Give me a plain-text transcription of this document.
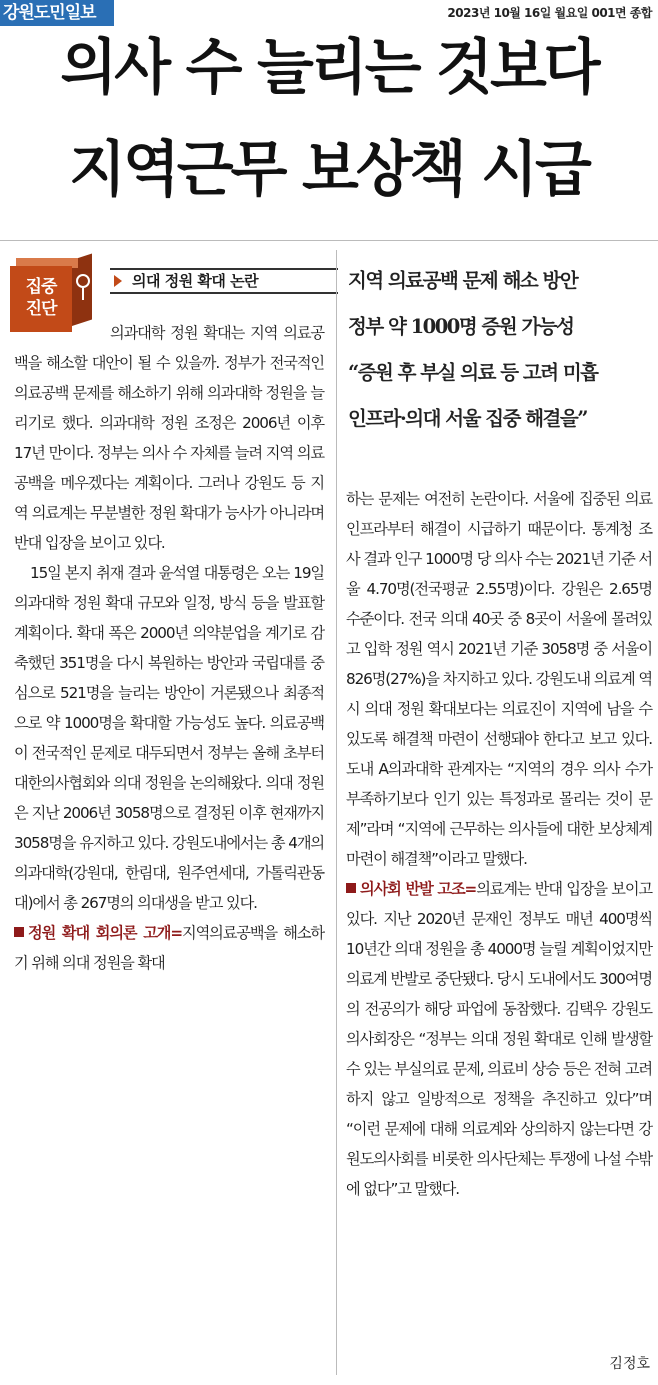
강원도민일보	2023년 10월 16일 월요일 001면 종합
의사 수 늘리는 것보다
지역근무 보상책 시급
집중
진단
의대 정원 확대 논란	지역 의료공백 문제 해소 방안
정부 약 1000명 증원 가능성
“증원 후 부실 의료 등 고려 미흡
인프라·의대 서울 집중 해결을”

의과대학 정원 확대는 지역 의료공백을 해소할 대안이 될 수 있을까. 정부가 전국적인 의료공백 문제를 해소하기 위해 의과대학 정원을 늘리기로 했다. 의과대학 정원 조정은 2006년 이후 17년 만이다. 정부는 의사 수 자체를 늘려 지역 의료 공백을 메우겠다는 계획이다. 그러나 강원도 등 지역 의료계는 무분별한 정원 확대가 능사가 아니라며 반대 입장을 보이고 있다.

15일 본지 취재 결과 윤석열 대통령은 오는 19일 의과대학 정원 확대 규모와 일정, 방식 등을 발표할 계획이다. 확대 폭은 2000년 의약분업을 계기로 감축했던 351명을 다시 복원하는 방안과 국립대를 중심으로 521명을 늘리는 방안이 거론됐으나 최종적으로 약 1000명을 확대할 가능성도 높다. 의료공백이 전국적인 문제로 대두되면서 정부는 올해 초부터 대한의사협회와 의대 정원을 논의해왔다. 의대 정원은 지난 2006년 3058명으로 결정된 이후 현재까지 3058명을 유지하고 있다. 강원도내에서는 총 4개의 의과대학(강원대, 한림대, 원주연세대, 가톨릭관동대)에서 총 267명의 의대생을 받고 있다.

정원 확대 회의론 고개=지역의료공백을 해소하기 위해 의대 정원을 확대

하는 문제는 여전히 논란이다. 서울에 집중된 의료 인프라부터 해결이 시급하기 때문이다. 통계청 조사 결과 인구 1000명 당 의사 수는 2021년 기준 서울 4.70명(전국평균 2.55명)이다. 강원은 2.65명 수준이다. 전국 의대 40곳 중 8곳이 서울에 몰려있고 입학 정원 역시 2021년 기준 3058명 중 서울이 826명(27%)을 차지하고 있다. 강원도내 의료계 역시 의대 정원 확대보다는 의료진이 지역에 남을 수 있도록 해결책 마련이 선행돼야 한다고 보고 있다. 도내 A의과대학 관계자는 “지역의 경우 의사 수가 부족하기보다 인기 있는 특정과로 몰리는 것이 문제”라며 “지역에 근무하는 의사들에 대한 보상체계 마련이 해결책”이라고 말했다.

의사회 반발 고조=의료계는 반대 입장을 보이고 있다. 지난 2020년 문재인 정부도 매년 400명씩 10년간 의대 정원을 총 4000명 늘릴 계획이었지만 의료계 반발로 중단됐다. 당시 도내에서도 300여명의 전공의가 해당 파업에 동참했다. 김택우 강원도의사회장은 “정부는 의대 정원 확대로 인해 발생할 수 있는 부실의료 문제, 의료비 상승 등은 전혀 고려하지 않고 일방적으로 정책을 추진하고 있다”며 “이런 문제에 대해 의료계와 상의하지 않는다면 강원도의사회를 비롯한 의사단체는 투쟁에 나설 수밖에 없다”고 말했다.

김정호
